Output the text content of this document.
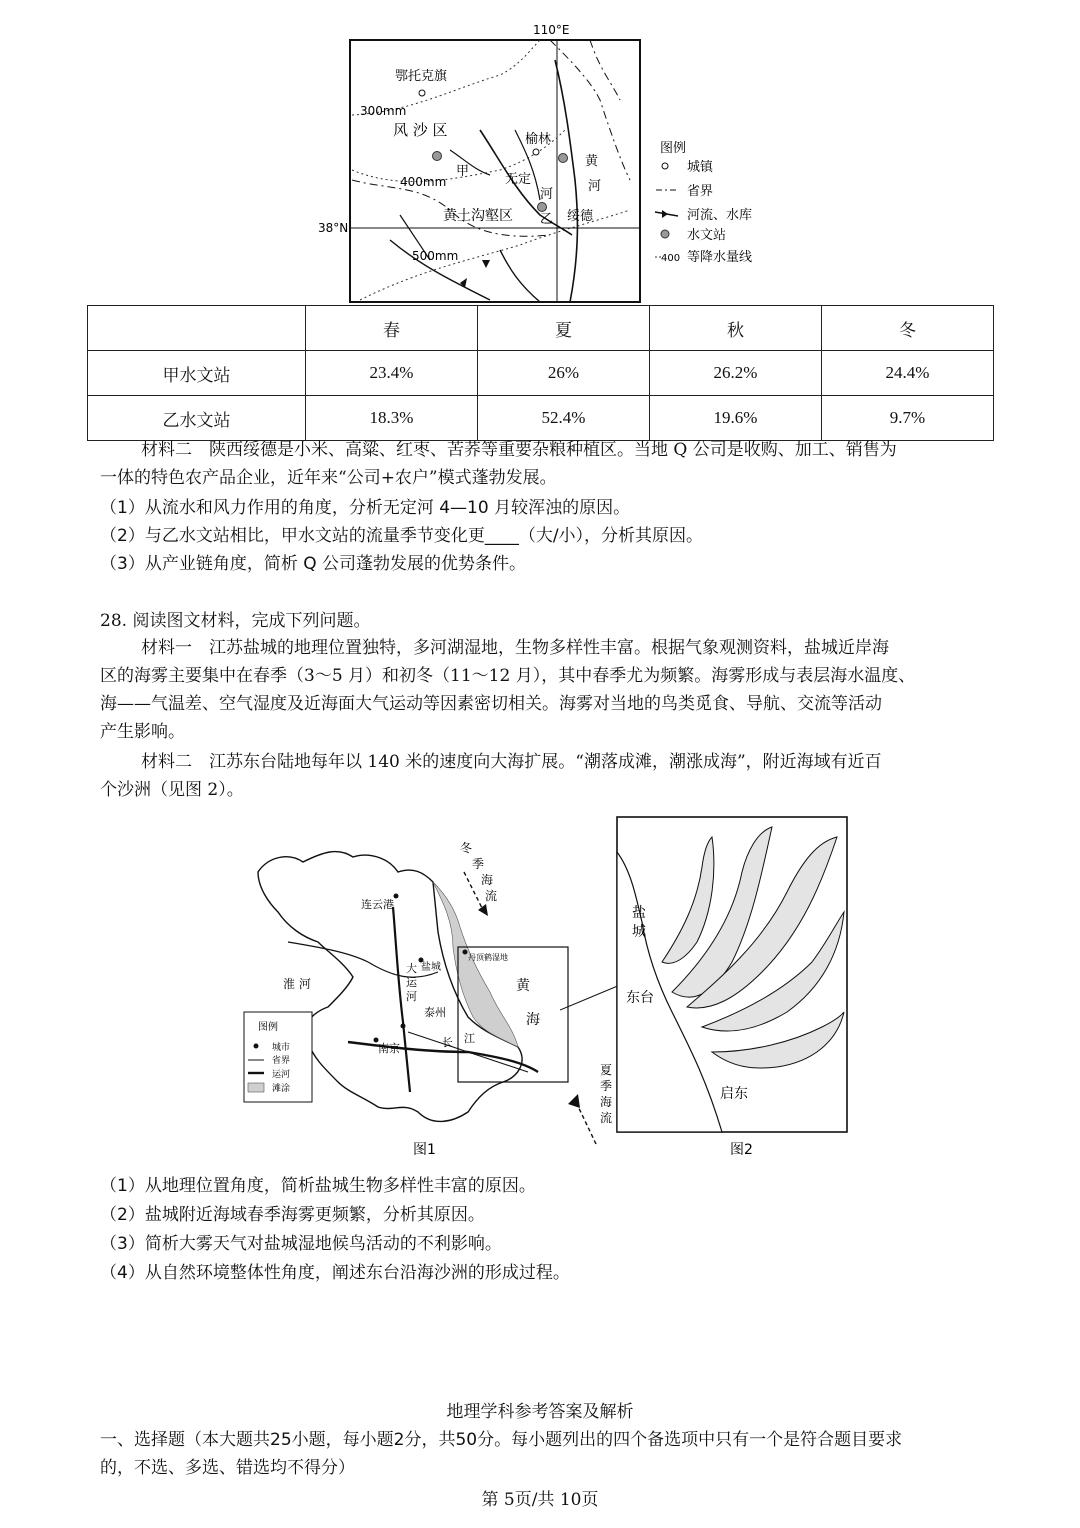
110°E
38°N
鄂托克旗
风 沙 区
榆林
甲
无定
河
黄
河
黄土沟壑区 乙 绥德
300mm
400mm
500mm
图例
城镇
省界
河流、水库
水文站
400 等降水量线
	春	夏	秋	冬
甲水文站	23.4%	26%	26.2%	24.4%
乙水文站	18.3%	52.4%	19.6%	9.7%
材料二　陕西绥德是小米、高粱、红枣、苦荞等重要杂粮种植区。当地 Q 公司是收购、加工、销售为
一体的特色农产品企业，近年来“公司+农户”模式蓬勃发展。
（1）从流水和风力作用的角度，分析无定河 4—10 月较浑浊的原因。
（2）与乙水文站相比，甲水文站的流量季节变化更____（大/小），分析其原因。
（3）从产业链角度，简析 Q 公司蓬勃发展的优势条件。
28. 阅读图文材料，完成下列问题。
材料一　江苏盐城的地理位置独特，多河湖湿地，生物多样性丰富。根据气象观测资料，盐城近岸海
区的海雾主要集中在春季（3～5 月）和初冬（11～12 月），其中春季尤为频繁。海雾形成与表层海水温度、
海——气温差、空气湿度及近海面大气运动等因素密切相关。海雾对当地的鸟类觅食、导航、交流等活动
产生影响。
材料二　江苏东台陆地每年以 140 米的速度向大海扩展。“潮落成滩，潮涨成海”，附近海域有近百
个沙洲（见图 2）。
冬
季
海
流
连云港
丹顶鹤湿地
黄
海
淮 河
大
运
河
盐城
泰州
南京	长 江
夏
季
海
流
图例
城市
省界
运河
滩涂
图1
盐
城
东台
启东
图2
（1）从地理位置角度，简析盐城生物多样性丰富的原因。
（2）盐城附近海域春季海雾更频繁，分析其原因。
（3）简析大雾天气对盐城湿地候鸟活动的不利影响。
（4）从自然环境整体性角度，阐述东台沿海沙洲的形成过程。
地理学科参考答案及解析
一、选择题（本大题共25小题，每小题2分，共50分。每小题列出的四个备选项中只有一个是符合题目要求
的，不选、多选、错选均不得分）
第 5页/共 10页
